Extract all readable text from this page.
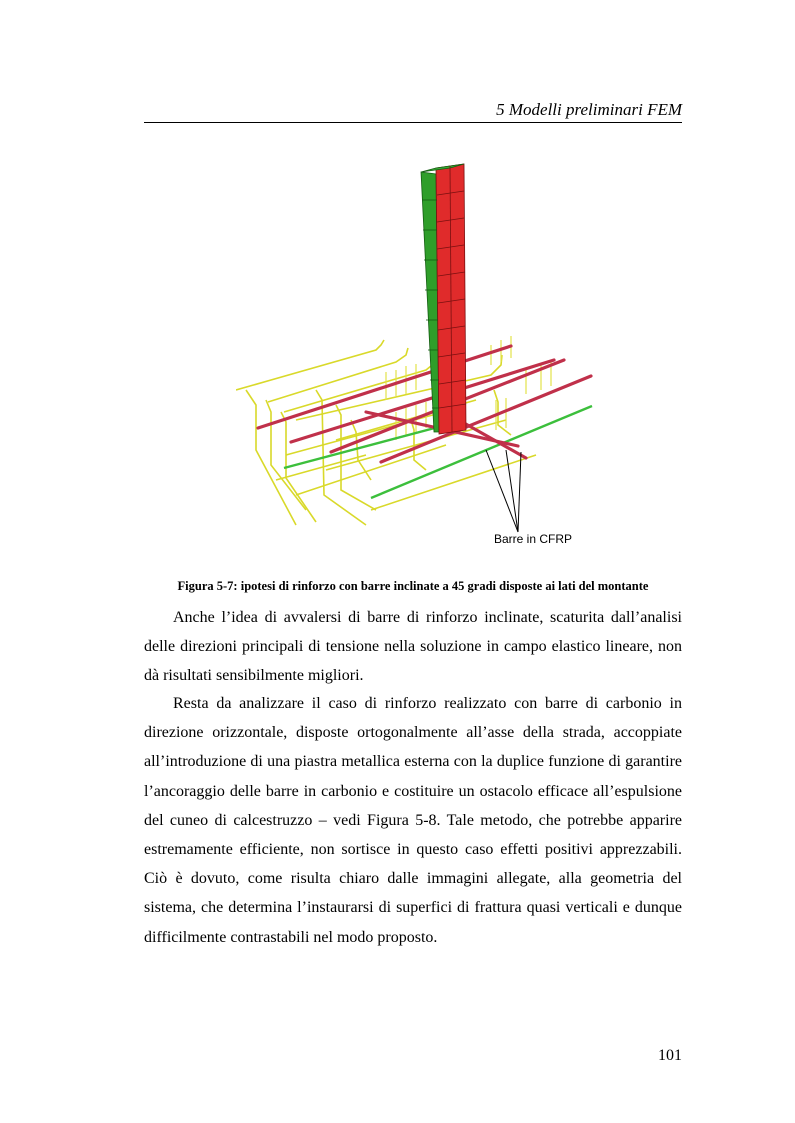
5 Modelli preliminari FEM
Barre in CFRP
Figura 5-7: ipotesi di rinforzo con barre inclinate a 45 gradi disposte ai lati del montante

Anche l’idea di avvalersi di barre di rinforzo inclinate, scaturita dall’analisi delle direzioni principali di tensione nella soluzione in campo elastico lineare, non dà risultati sensibilmente migliori.

Resta da analizzare il caso di rinforzo realizzato con barre di carbonio in direzione orizzontale, disposte ortogonalmente all’asse della strada, accoppiate all’introduzione di una piastra metallica esterna con la duplice funzione di garantire l’ancoraggio delle barre in carbonio e costituire un ostacolo efficace all’espulsione del cuneo di calcestruzzo – vedi Figura 5-8. Tale metodo, che potrebbe apparire estremamente efficiente, non sortisce in questo caso effetti positivi apprezzabili. Ciò è dovuto, come risulta chiaro dalle immagini allegate, alla geometria del sistema, che determina l’instaurarsi di superfici di frattura quasi verticali e dunque difficilmente contrastabili nel modo proposto.

101
